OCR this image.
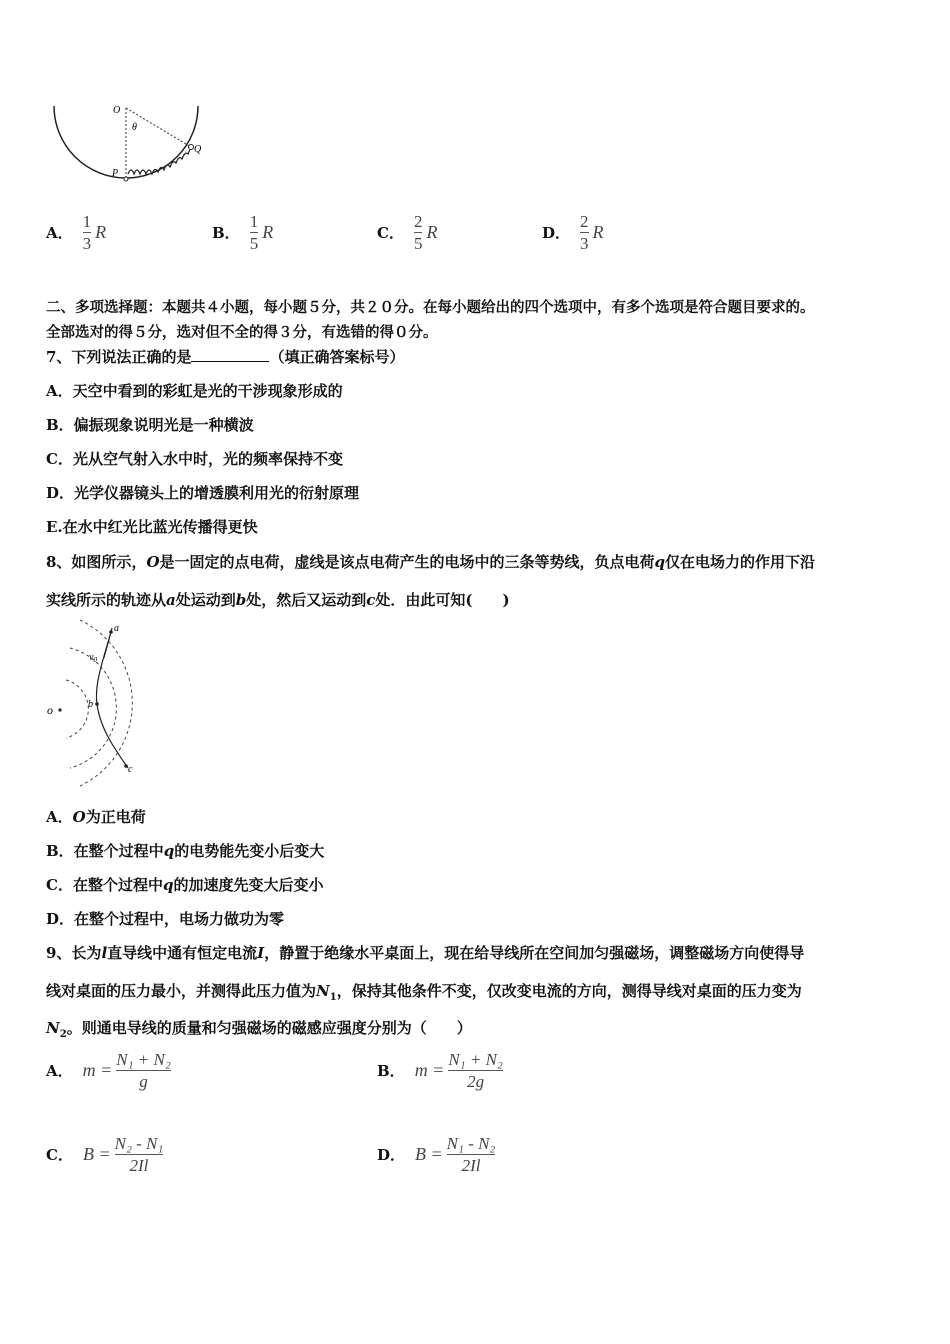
O
θ
Q
P
A． $\frac{1}{3}$ R	B． $\frac{1}{5}$ R	C． $\frac{2}{5}$ R	D． $\frac{2}{3}$ R
二、多项选择题：本题共４小题，每小题５分，共２０分。在每小题给出的四个选项中，有多个选项是符合题目要求的。
全部选对的得５分，选对但不全的得３分，有选错的得０分。
7、下列说法正确的是	（填正确答案标号）
A．天空中看到的彩虹是光的干涉现象形成的
B．偏振现象说明光是一种横波
C．光从空气射入水中时，光的频率保持不变
D．光学仪器镜头上的增透膜利用光的衍射原理
E.在水中红光比蓝光传播得更快
8、如图所示，O是一固定的点电荷，虚线是该点电荷产生的电场中的三条等势线，负点电荷q仅在电场力的作用下沿
实线所示的轨迹从a处运动到b处，然后又运动到c处．由此可知(　　)
a
$v_0$
b
c
o
A．O为正电荷
B．在整个过程中q的电势能先变小后变大
C．在整个过程中q的加速度先变大后变小
D．在整个过程中，电场力做功为零
9、长为l直导线中通有恒定电流I，静置于绝缘水平桌面上，现在给导线所在空间加匀强磁场，调整磁场方向使得导
线对桌面的压力最小，并测得此压力值为$N_1$，保持其他条件不变，仅改变电流的方向，测得导线对桌面的压力变为
$N_2$。则通电导线的质量和匀强磁场的磁感应强度分别为（　　）
A． $m = \frac{\text{N₁ + N₂}}{g}$	B． $m = \frac{\text{N₁ + N₂}}{2g}$
C． $B = \frac{\text{N₂ - N₁}}{2Il}$	D． $B = \frac{\text{N₁ - N₂}}{2Il}$
